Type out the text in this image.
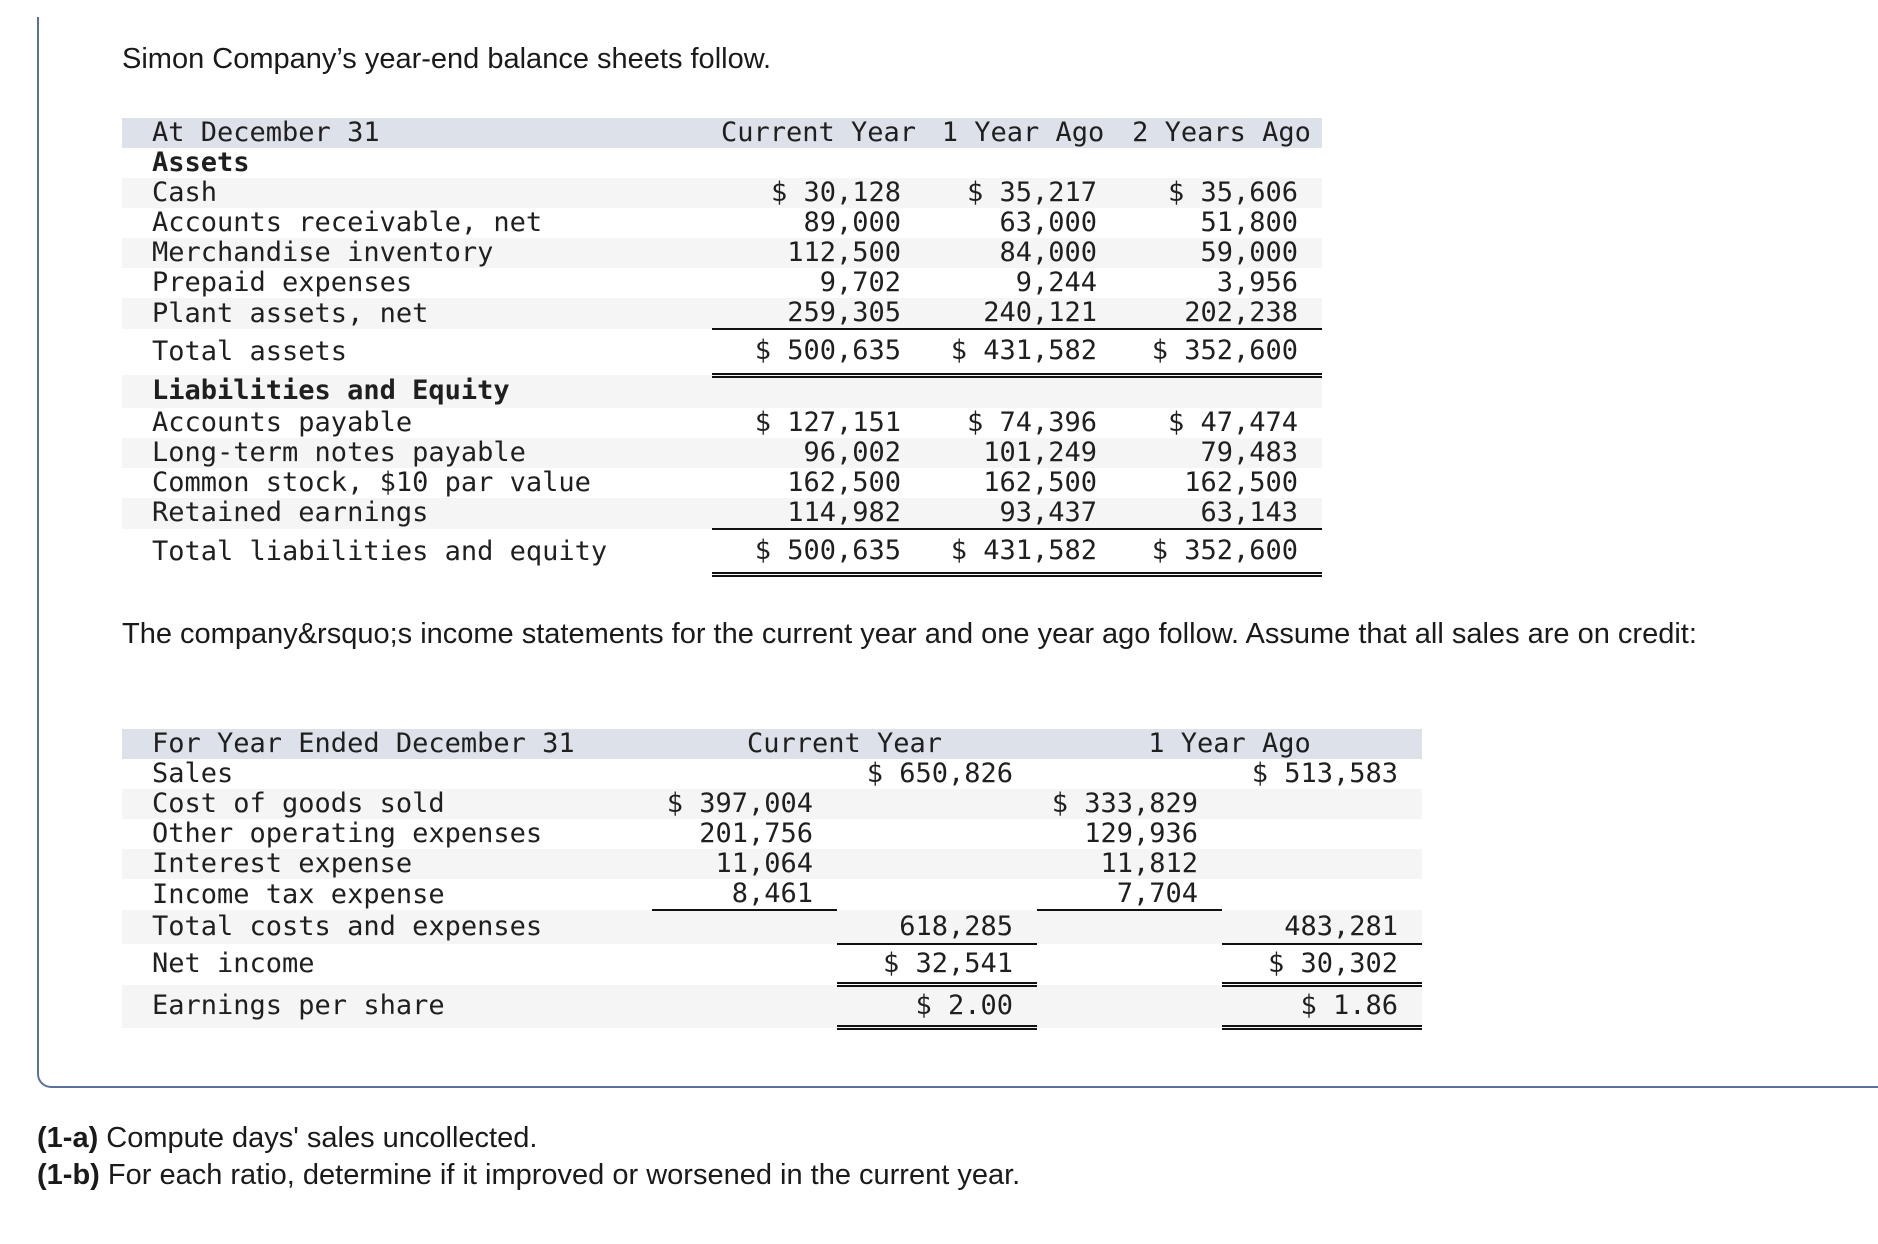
Simon Company’s year-end balance sheets follow.

At December 31	Current Year	1 Year Ago	2 Years Ago
Assets			
Cash	$ 30,128	$ 35,217	$ 35,606
Accounts receivable, net	89,000	63,000	51,800
Merchandise inventory	112,500	84,000	59,000
Prepaid expenses	9,702	9,244	3,956
Plant assets, net	259,305	240,121	202,238
Total assets	$ 500,635	$ 431,582	$ 352,600
Liabilities and Equity			
Accounts payable	$ 127,151	$ 74,396	$ 47,474
Long-term notes payable	96,002	101,249	79,483
Common stock, $10 par value	162,500	162,500	162,500
Retained earnings	114,982	93,437	63,143
Total liabilities and equity	$ 500,635	$ 431,582	$ 352,600

The company&rsquo;s income statements for the current year and one year ago follow. Assume that all sales are on credit:

For Year Ended December 31	Current Year		1 Year Ago	
Sales		$ 650,826		$ 513,583
Cost of goods sold	$ 397,004		$ 333,829	
Other operating expenses	201,756		129,936	
Interest expense	11,064		11,812	
Income tax expense	8,461		7,704	
Total costs and expenses		618,285		483,281
Net income		$ 32,541		$ 30,302
Earnings per share		$ 2.00		$ 1.86

(1-a) Compute days' sales uncollected.
(1-b) For each ratio, determine if it improved or worsened in the current year.
